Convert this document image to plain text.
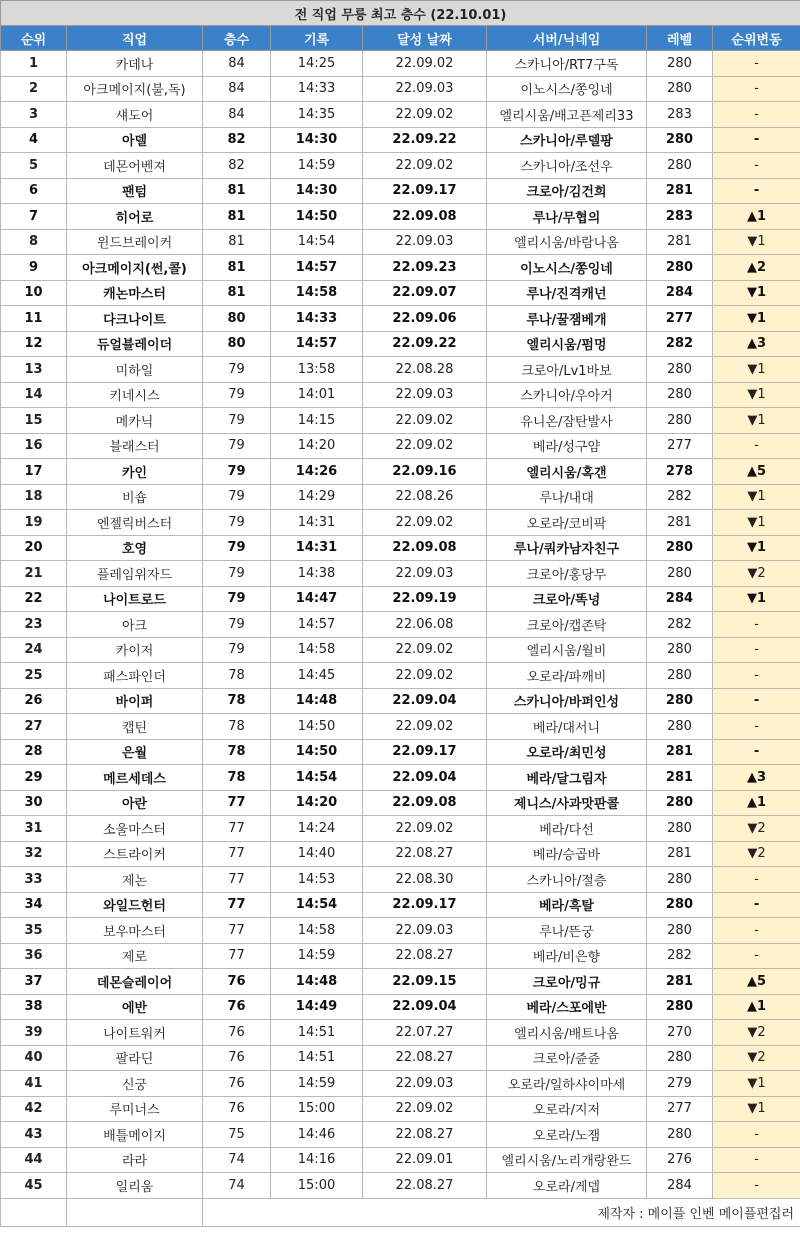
전 직업 무릉 최고 층수 (22.10.01)							
순위	직업	층수	기록	달성 날짜	서버/닉네임	레벨	순위변동
1	카데나	84	14:25	22.09.02	스카니아/RT7구독	280	-
2	아크메이지(불,독)	84	14:33	22.09.03	이노시스/쫑잉네	280	-
3	섀도어	84	14:35	22.09.02	엘리시움/배고픈제리33	283	-
4	아델	82	14:30	22.09.22	스카니아/루델팡	280	-
5	데몬어벤져	82	14:59	22.09.02	스카니아/조선우	280	-
6	팬텀	81	14:30	22.09.17	크로아/김건희	281	-
7	히어로	81	14:50	22.09.08	루나/무협의	283	▲1
8	윈드브레이커	81	14:54	22.09.03	엘리시움/바람나옴	281	▼1
9	아크메이지(썬,콜)	81	14:57	22.09.23	이노시스/쫑잉네	280	▲2
10	캐논마스터	81	14:58	22.09.07	루나/진격캐넌	284	▼1
11	다크나이트	80	14:33	22.09.06	루나/꿀잼베개	277	▼1
12	듀얼블레이더	80	14:57	22.09.22	엘리시움/펌멍	282	▲3
13	미하일	79	13:58	22.08.28	크로아/Lv1바보	280	▼1
14	키네시스	79	14:01	22.09.03	스카니아/우아거	280	▼1
15	메카닉	79	14:15	22.09.02	유니온/잠탄발사	280	▼1
16	블래스터	79	14:20	22.09.02	베라/성구얌	277	-
17	카인	79	14:26	22.09.16	엘리시움/혹갠	278	▲5
18	비숍	79	14:29	22.08.26	루나/내대	282	▼1
19	엔젤릭버스터	79	14:31	22.09.02	오로라/코비팍	281	▼1
20	호영	79	14:31	22.09.08	루나/쿼카남자친구	280	▼1
21	플레임위자드	79	14:38	22.09.03	크로아/홍당무	280	▼2
22	나이트로드	79	14:47	22.09.19	크로아/똑넝	284	▼1
23	아크	79	14:57	22.06.08	크로아/캡존탁	282	-
24	카이저	79	14:58	22.09.02	엘리시움/월비	280	-
25	패스파인더	78	14:45	22.09.02	오로라/파깨비	280	-
26	바이퍼	78	14:48	22.09.04	스카니아/바퍼인성	280	-
27	캡틴	78	14:50	22.09.02	베라/대서니	280	-
28	은월	78	14:50	22.09.17	오로라/최민성	281	-
29	메르세데스	78	14:54	22.09.04	베라/달그림자	281	▲3
30	아란	77	14:20	22.09.08	제니스/사과맛판콜	280	▲1
31	소울마스터	77	14:24	22.09.02	베라/다선	280	▼2
32	스트라이커	77	14:40	22.08.27	베라/승곱바	281	▼2
33	제논	77	14:53	22.08.30	스카니아/절층	280	-
34	와일드헌터	77	14:54	22.09.17	베라/흑탈	280	-
35	보우마스터	77	14:58	22.09.03	루나/뜬궁	280	-
36	제로	77	14:59	22.08.27	베라/비은향	282	-
37	데몬슬레이어	76	14:48	22.09.15	크로아/밍규	281	▲5
38	에반	76	14:49	22.09.04	베라/스포에반	280	▲1
39	나이트워커	76	14:51	22.07.27	엘리시움/배트나옴	270	▼2
40	팔라딘	76	14:51	22.08.27	크로아/쥰쥰	280	▼2
41	신궁	76	14:59	22.09.03	오로라/일하샤이마세	279	▼1
42	루미너스	76	15:00	22.09.02	오로라/지저	277	▼1
43	배틀메이지	75	14:46	22.08.27	오로라/노잼	280	-
44	라라	74	14:16	22.09.01	엘리시움/노리개랑완드	276	-
45	일리움	74	15:00	22.08.27	오로라/게뎁	284	-
		제작자 : 메이플 인벤 메이플편집러					
